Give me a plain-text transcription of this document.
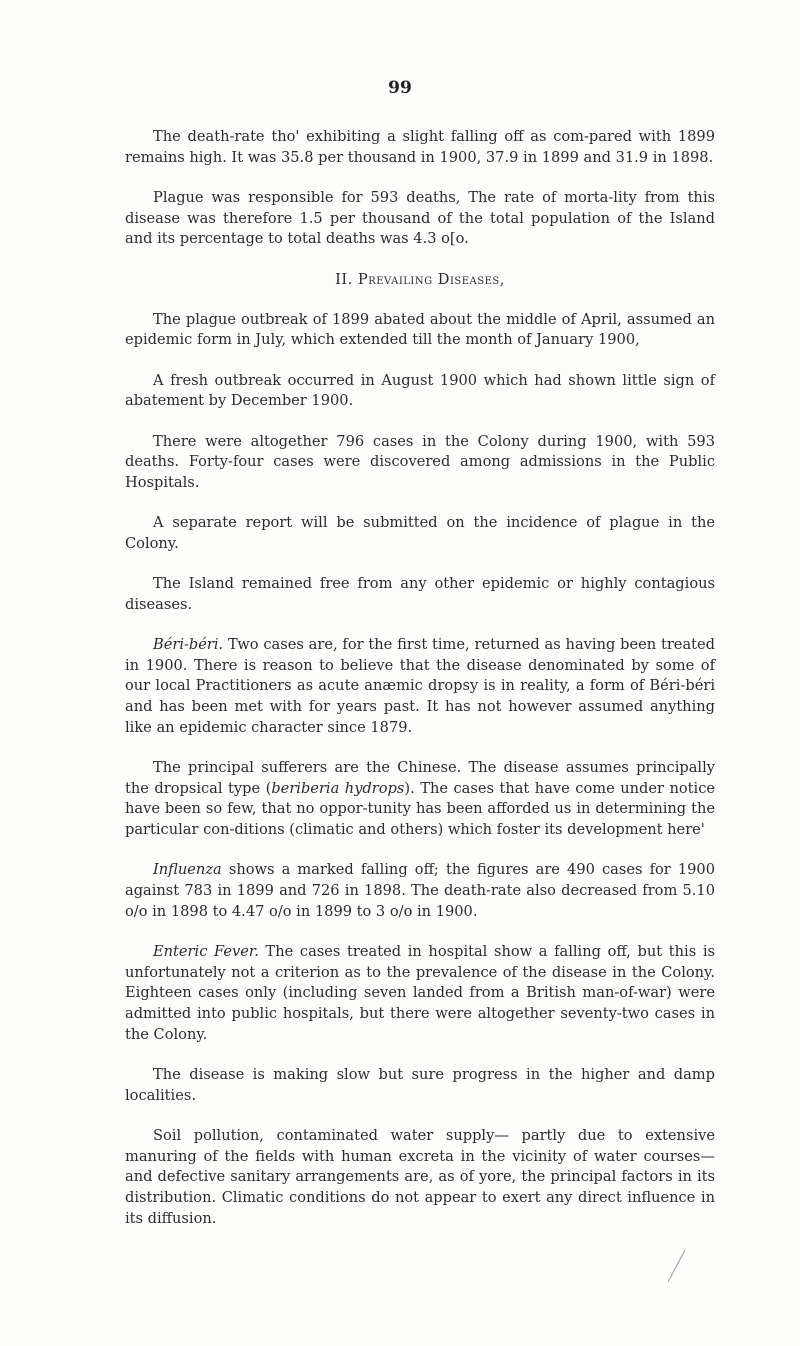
99

The death-rate tho' exhibiting a slight falling off as com-pared with 1899 remains high. It was 35.8 per thousand in 1900, 37.9 in 1899 and 31.9 in 1898.

Plague was responsible for 593 deaths, The rate of morta-lity from this disease was therefore 1.5 per thousand of the total population of the Island and its percentage to total deaths was 4.3 o[o.

II. Prevailing Diseases,

The plague outbreak of 1899 abated about the middle of April, assumed an epidemic form in July, which extended till the month of January 1900,

A fresh outbreak occurred in August 1900 which had shown little sign of abatement by December 1900.

There were altogether 796 cases in the Colony during 1900, with 593 deaths. Forty-four cases were discovered among admissions in the Public Hospitals.

A separate report will be submitted on the incidence of plague in the Colony.

The Island remained free from any other epidemic or highly contagious diseases.

Béri-béri. Two cases are, for the first time, returned as having been treated in 1900. There is reason to believe that the disease denominated by some of our local Practitioners as acute anæmic dropsy is in reality, a form of Béri-béri and has been met with for years past. It has not however assumed anything like an epidemic character since 1879.

The principal sufferers are the Chinese. The disease assumes principally the dropsical type (beriberia hydrops). The cases that have come under notice have been so few, that no oppor-tunity has been afforded us in determining the particular con-ditions (climatic and others) which foster its development here'

Influenza shows a marked falling off; the figures are 490 cases for 1900 against 783 in 1899 and 726 in 1898. The death-rate also decreased from 5.10 o/o in 1898 to 4.47 o/o in 1899 to 3 o/o in 1900.

Enteric Fever. The cases treated in hospital show a falling off, but this is unfortunately not a criterion as to the prevalence of the disease in the Colony. Eighteen cases only (including seven landed from a British man-of-war) were admitted into public hospitals, but there were altogether seventy-two cases in the Colony.

The disease is making slow but sure progress in the higher and damp localities.

Soil pollution, contaminated water supply— partly due to extensive manuring of the fields with human excreta in the vicinity of water courses— and defective sanitary arrangements are, as of yore, the principal factors in its distribution. Climatic conditions do not appear to exert any direct influence in its diffusion.
